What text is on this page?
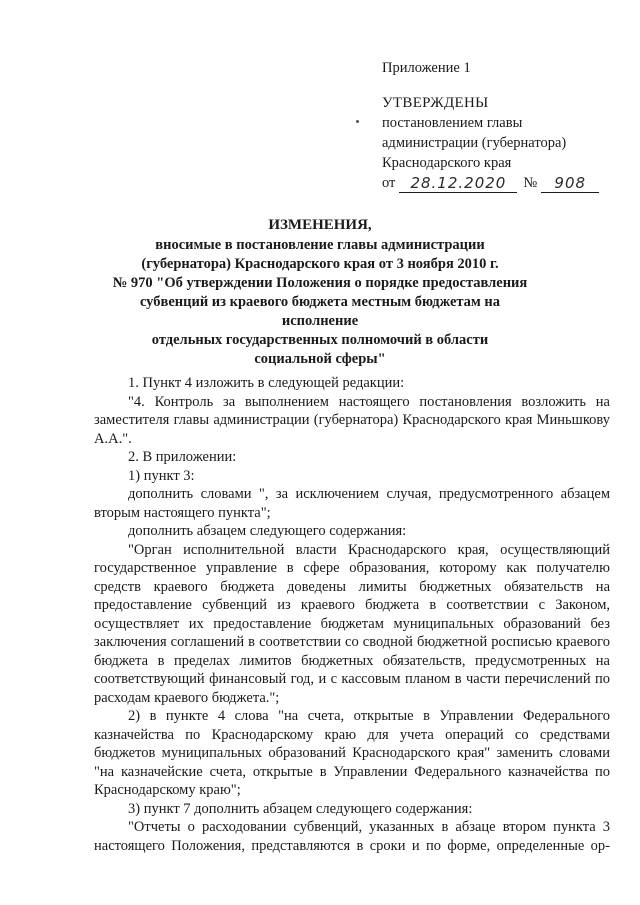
Приложение 1
УТВЕРЖДЕНЫ
постановлением главы
администрации (губернатора)
Краснодарского края
от	28.12.2020	№	908
ИЗМЕНЕНИЯ,
вносимые в постановление главы администрации
(губернатора) Краснодарского края от 3 ноября 2010 г.
№ 970 "Об утверждении Положения о порядке предоставления
субвенций из краевого бюджета местным бюджетам на исполнение
отдельных государственных полномочий в области
социальной сферы"

1. Пункт 4 изложить в следующей редакции:

"4. Контроль за выполнением настоящего постановления возложить на заместителя главы администрации (губернатора) Краснодарского края Миньшкову А.А.".

2. В приложении:

1) пункт 3:

дополнить словами ", за исключением случая, предусмотренного абзацем вторым настоящего пункта";

дополнить абзацем следующего содержания:

"Орган исполнительной власти Краснодарского края, осуществляющий государственное управление в сфере образования, которому как получателю средств краевого бюджета доведены лимиты бюджетных обязательств на предоставление субвенций из краевого бюджета в соответствии с Законом, осуществляет их предоставление бюджетам муниципальных образований без заключения соглашений в соответствии со сводной бюджетной росписью краевого бюджета в пределах лимитов бюджетных обязательств, предусмотренных на соответствующий финансовый год, и с кассовым планом в части перечислений по расходам краевого бюджета.";

2) в пункте 4 слова "на счета, открытые в Управлении Федерального казначейства по Краснодарскому краю для учета операций со средствами бюджетов муниципальных образований Краснодарского края" заменить словами "на казначейские счета, открытые в Управлении Федерального казначейства по Краснодарскому краю";

3) пункт 7 дополнить абзацем следующего содержания:

"Отчеты о расходовании субвенций, указанных в абзаце втором пункта 3 настоящего Положения, представляются в сроки и по форме, определенные ор-
